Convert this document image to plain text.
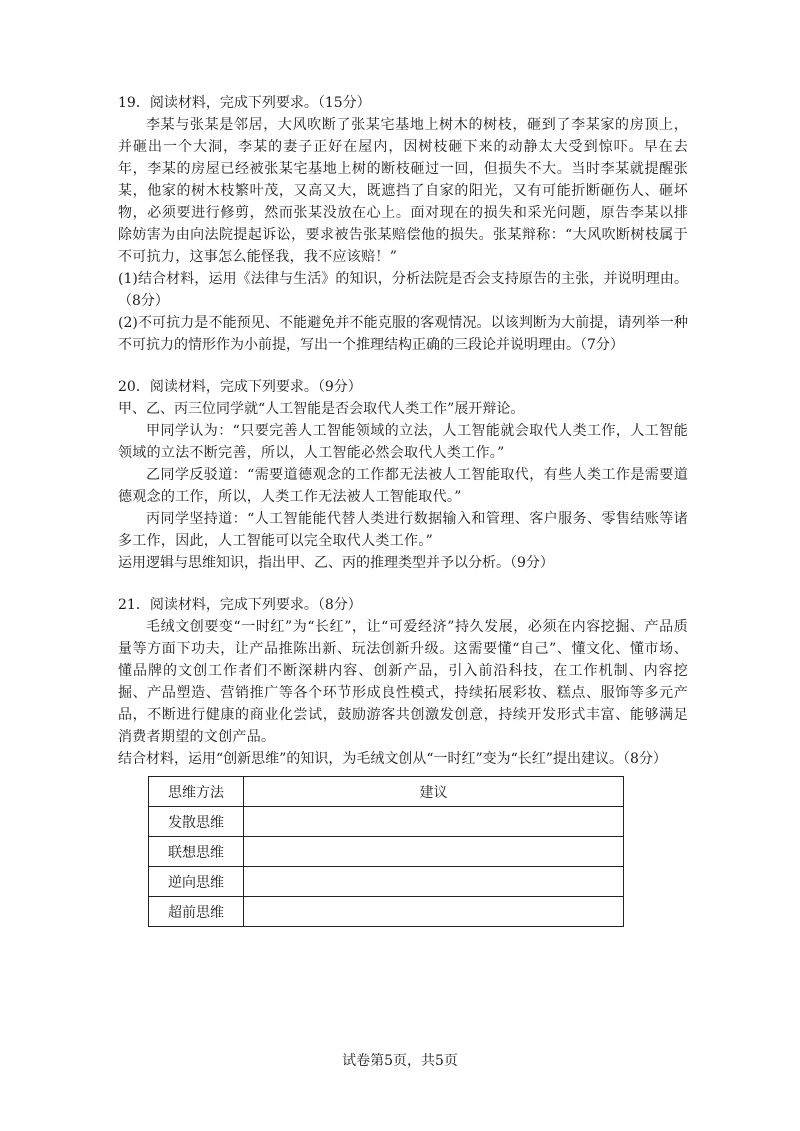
19．阅读材料，完成下列要求。（15分）

李某与张某是邻居，大风吹断了张某宅基地上树木的树枝，砸到了李某家的房顶上，并砸出一个大洞，李某的妻子正好在屋内，因树枝砸下来的动静太大受到惊吓。早在去年，李某的房屋已经被张某宅基地上树的断枝砸过一回，但损失不大。当时李某就提醒张某，他家的树木枝繁叶茂，又高又大，既遮挡了自家的阳光，又有可能折断砸伤人、砸坏物，必须要进行修剪，然而张某没放在心上。面对现在的损失和采光问题，原告李某以排除妨害为由向法院提起诉讼，要求被告张某赔偿他的损失。张某辩称：“大风吹断树枝属于不可抗力，这事怎么能怪我，我不应该赔！”

(1)结合材料，运用《法律与生活》的知识，分析法院是否会支持原告的主张，并说明理由。（8分）

(2)不可抗力是不能预见、不能避免并不能克服的客观情况。以该判断为大前提，请列举一种不可抗力的情形作为小前提，写出一个推理结构正确的三段论并说明理由。（7分）

20．阅读材料，完成下列要求。（9分）

甲、乙、丙三位同学就“人工智能是否会取代人类工作”展开辩论。

甲同学认为：“只要完善人工智能领域的立法，人工智能就会取代人类工作，人工智能领域的立法不断完善，所以，人工智能必然会取代人类工作。”

乙同学反驳道：“需要道德观念的工作都无法被人工智能取代，有些人类工作是需要道德观念的工作，所以，人类工作无法被人工智能取代。”

丙同学坚持道：“人工智能能代替人类进行数据输入和管理、客户服务、零售结账等诸多工作，因此，人工智能可以完全取代人类工作。”

运用逻辑与思维知识，指出甲、乙、丙的推理类型并予以分析。（9分）

21．阅读材料，完成下列要求。（8分）

毛绒文创要变“一时红”为“长红”，让“可爱经济”持久发展，必须在内容挖掘、产品质量等方面下功夫，让产品推陈出新、玩法创新升级。这需要懂“自己”、懂文化、懂市场、懂品牌的文创工作者们不断深耕内容、创新产品，引入前沿科技，在工作机制、内容挖掘、产品塑造、营销推广等各个环节形成良性模式，持续拓展彩妆、糕点、服饰等多元产品，不断进行健康的商业化尝试，鼓励游客共创激发创意，持续开发形式丰富、能够满足消费者期望的文创产品。

结合材料，运用“创新思维”的知识，为毛绒文创从“一时红”变为“长红”提出建议。（8分）

思维方法	建议
发散思维	
联想思维	
逆向思维	
超前思维	
试卷第5页，共5页
